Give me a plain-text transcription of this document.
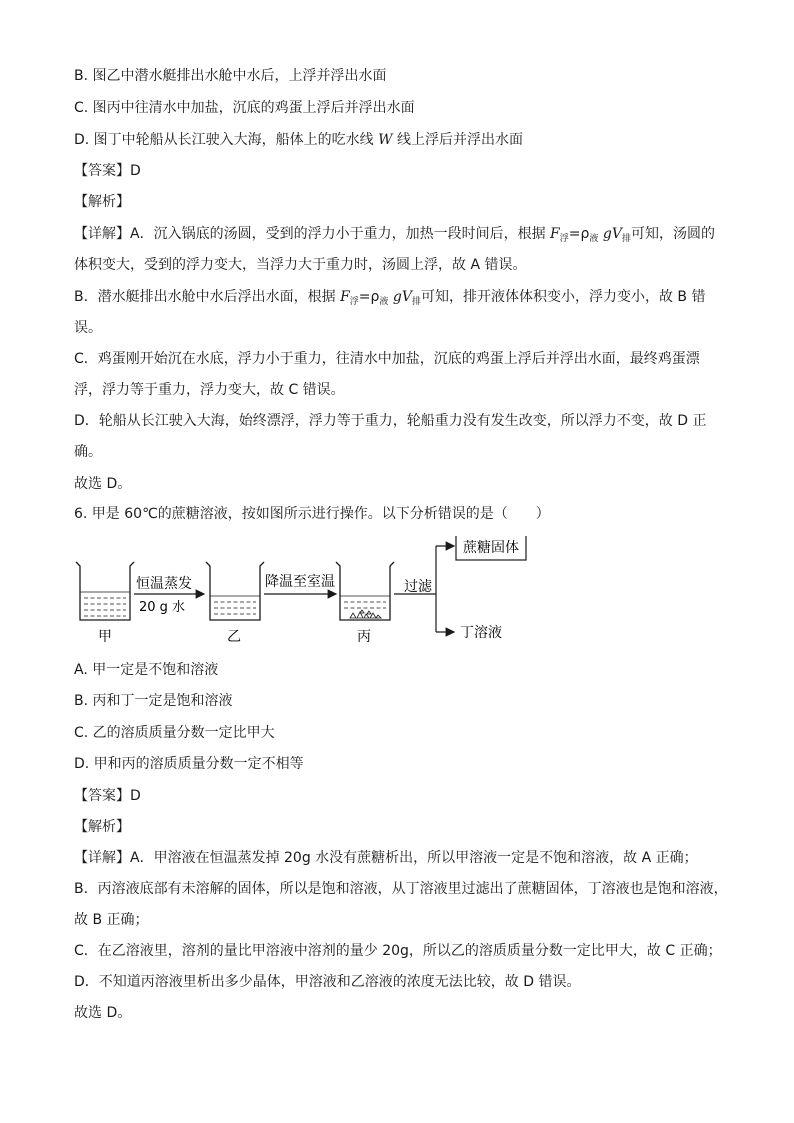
B. 图乙中潜水艇排出水舱中水后，上浮并浮出水面
C. 图丙中往清水中加盐，沉底的鸡蛋上浮后并浮出水面
D. 图丁中轮船从长江驶入大海，船体上的吃水线 W 线上浮后并浮出水面
【答案】D
【解析】
【详解】A．沉入锅底的汤圆，受到的浮力小于重力，加热一段时间后，根据 $F_浮=\rho_液$ $gV_排$可知，汤圆的
体积变大，受到的浮力变大，当浮力大于重力时，汤圆上浮，故 A 错误。
B．潜水艇排出水舱中水后浮出水面，根据 $F_浮=\rho_液$ $gV_排$可知，排开液体体积变小，浮力变小，故 B 错
误。
C．鸡蛋刚开始沉在水底，浮力小于重力，往清水中加盐，沉底的鸡蛋上浮后并浮出水面，最终鸡蛋漂
浮，浮力等于重力，浮力变大，故 C 错误。
D．轮船从长江驶入大海，始终漂浮，浮力等于重力，轮船重力没有发生改变，所以浮力不变，故 D 正
确。
故选 D。
6. 甲是 60℃的蔗糖溶液，按如图所示进行操作。以下分析错误的是（　　）
甲
恒温蒸发
20 g 水
乙
降温至室温
丙
过滤
蔗糖固体
丁溶液
A. 甲一定是不饱和溶液
B. 丙和丁一定是饱和溶液
C. 乙的溶质质量分数一定比甲大
D. 甲和丙的溶质质量分数一定不相等
【答案】D
【解析】
【详解】A．甲溶液在恒温蒸发掉 20g 水没有蔗糖析出，所以甲溶液一定是不饱和溶液，故 A 正确；
B．丙溶液底部有未溶解的固体，所以是饱和溶液，从丁溶液里过滤出了蔗糖固体，丁溶液也是饱和溶液，
故 B 正确；
C．在乙溶液里，溶剂的量比甲溶液中溶剂的量少 20g，所以乙的溶质质量分数一定比甲大，故 C 正确；
D．不知道丙溶液里析出多少晶体，甲溶液和乙溶液的浓度无法比较，故 D 错误。
故选 D。
